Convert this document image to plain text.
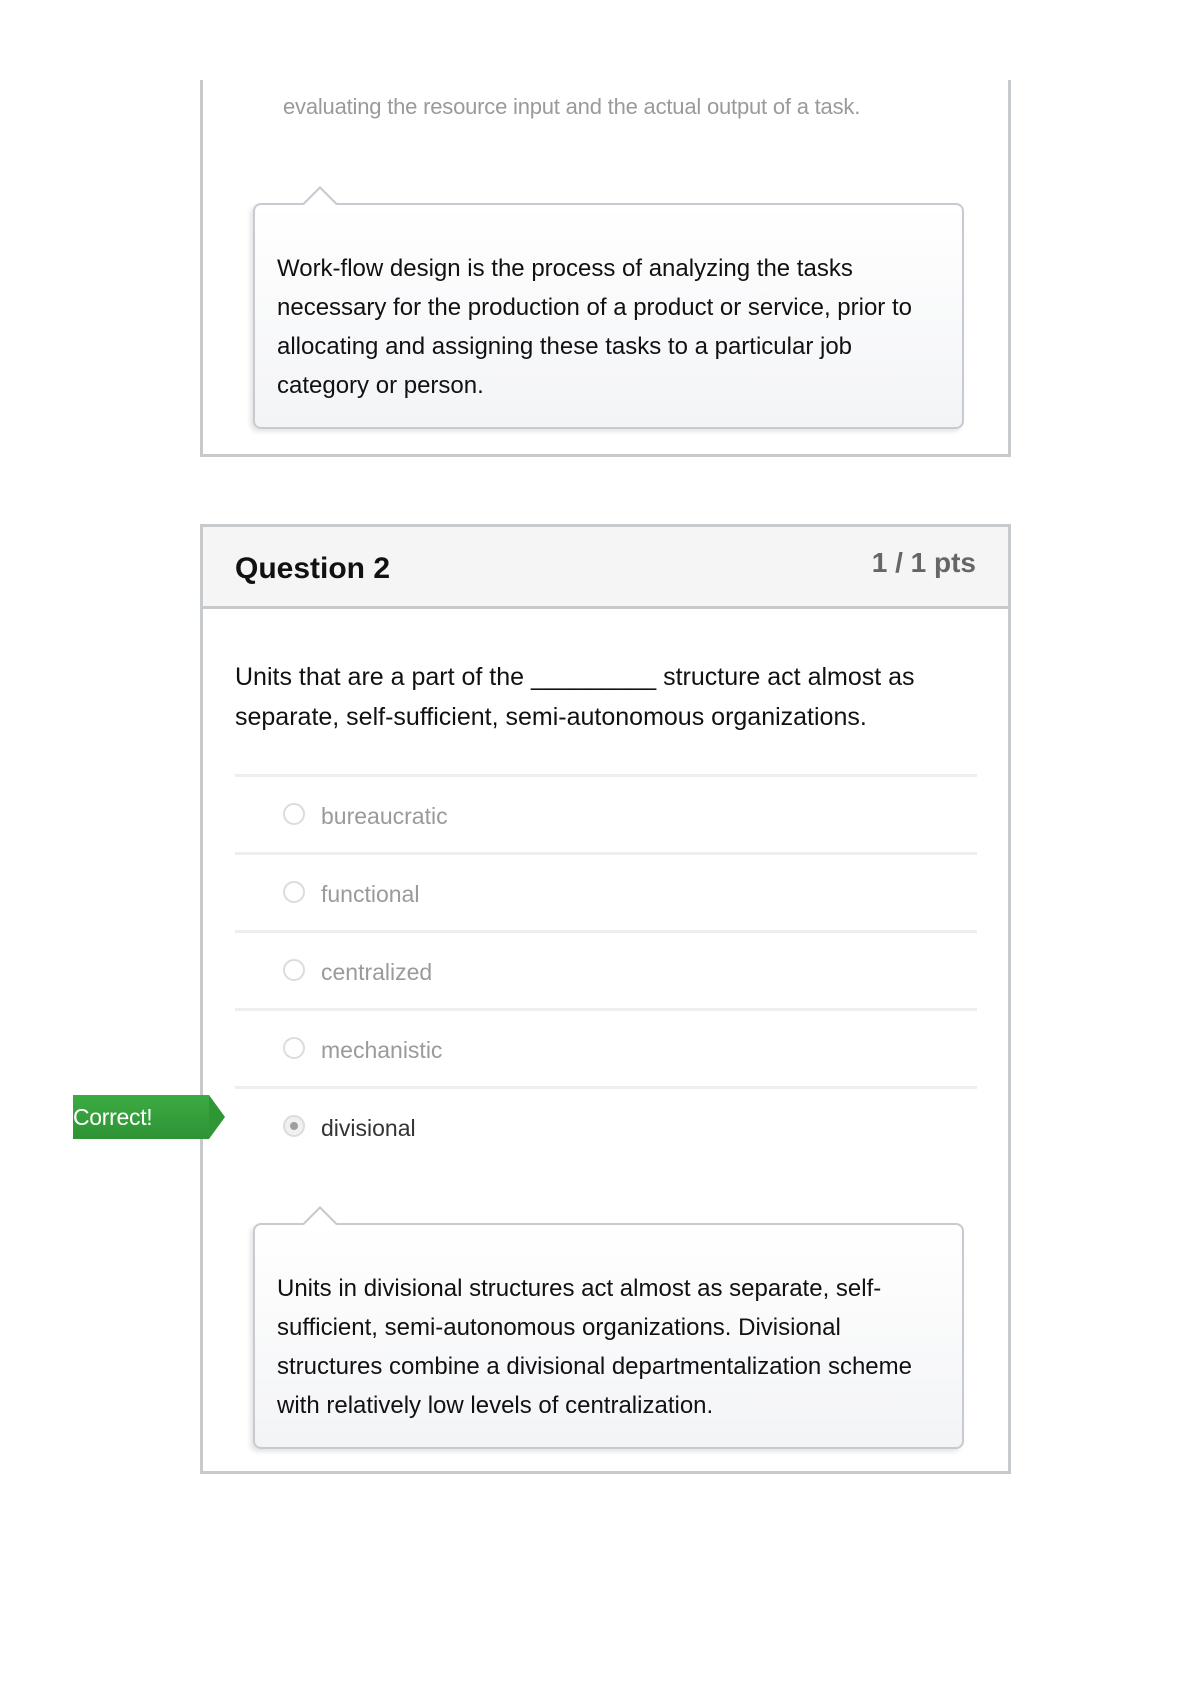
evaluating the resource input and the actual output of a task.
Work-flow design is the process of analyzing the tasks necessary for the production of a product or service, prior to allocating and assigning these tasks to a particular job category or person.
Question 2	1 / 1 pts
Units that are a part of the _________ structure act almost as separate, self-sufficient, semi-autonomous organizations.
bureaucratic
functional
centralized
mechanistic
divisional
Units in divisional structures act almost as separate, self-sufficient, semi-autonomous organizations. Divisional structures combine a divisional departmentalization scheme with relatively low levels of centralization.
Correct!
